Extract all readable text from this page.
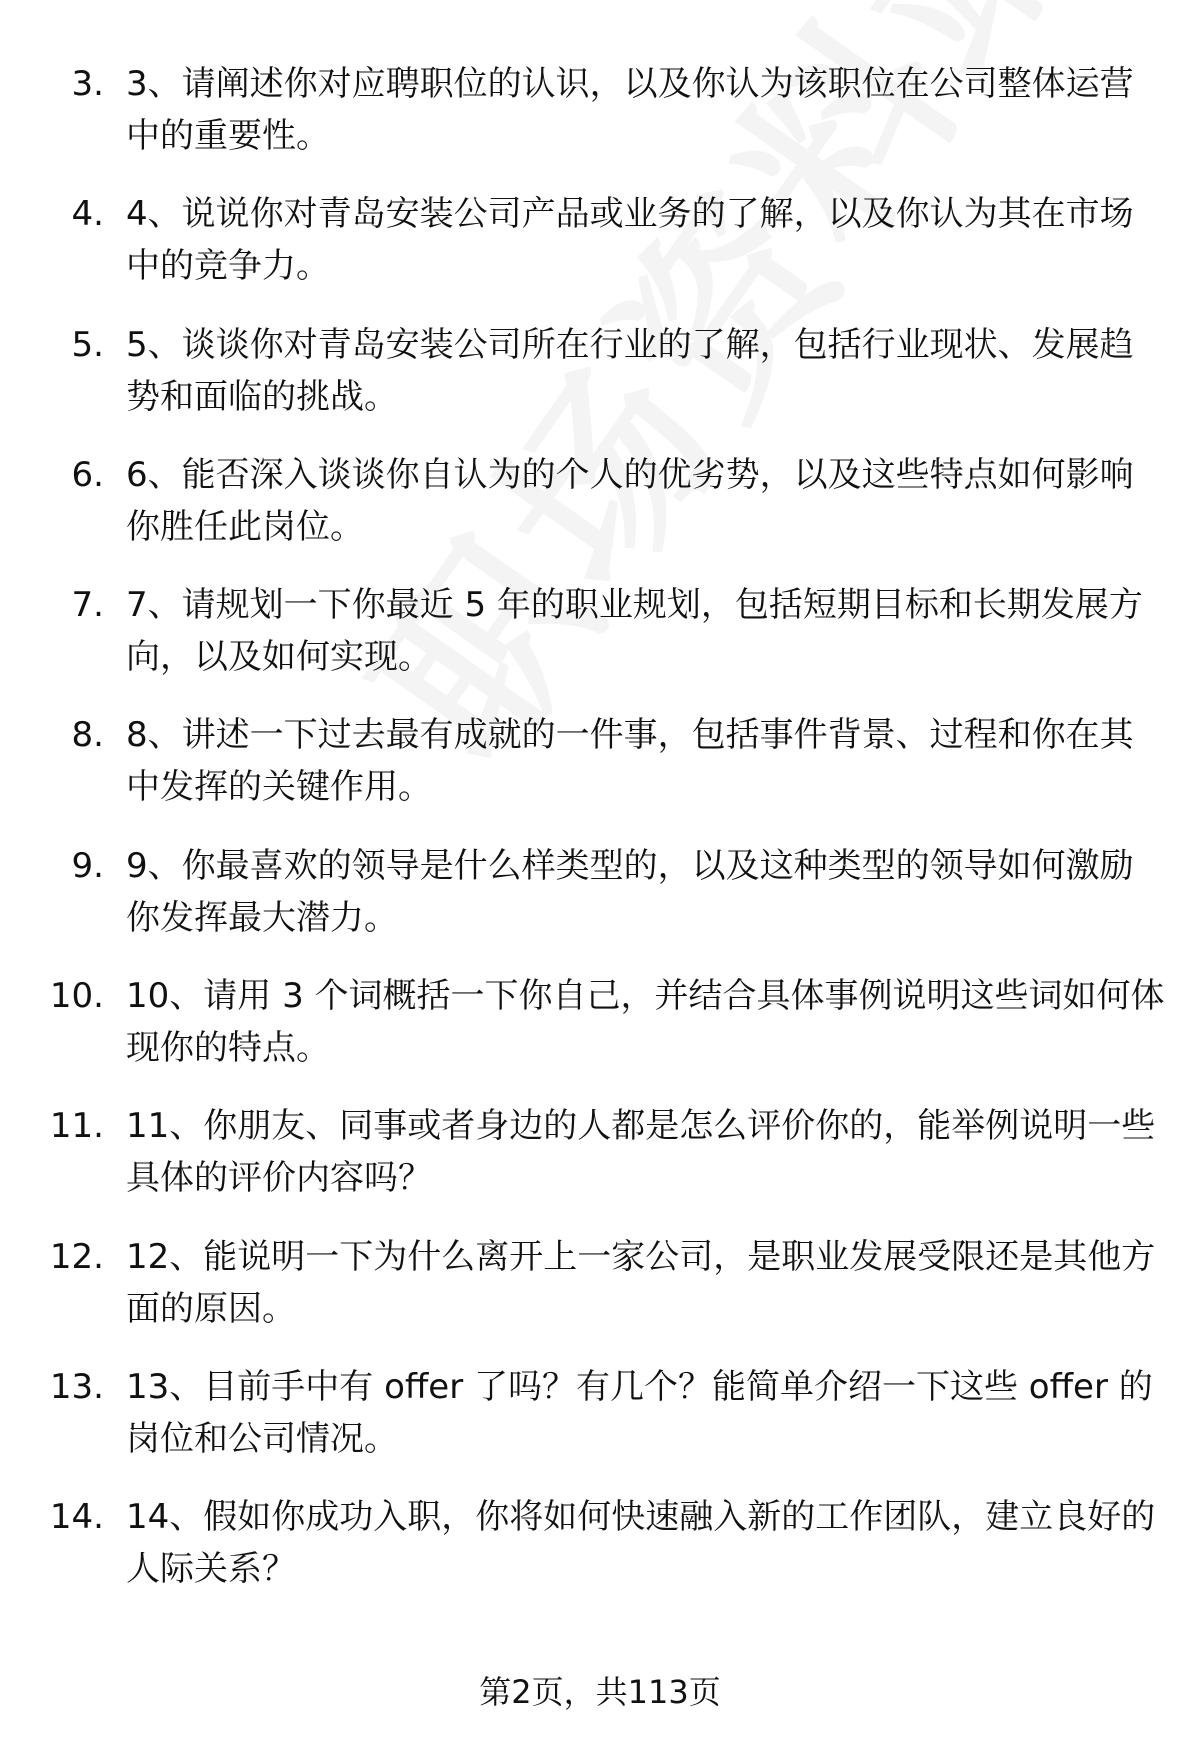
3. 3、请阐述你对应聘职位的认识，以及你认为该职位在公司整体运营中的重要性。
4. 4、说说你对青岛安装公司产品或业务的了解，以及你认为其在市场中的竞争力。
5. 5、谈谈你对青岛安装公司所在行业的了解，包括行业现状、发展趋势和面临的挑战。
6. 6、能否深入谈谈你自认为的个人的优劣势，以及这些特点如何影响你胜任此岗位。
7. 7、请规划一下你最近 5 年的职业规划，包括短期目标和长期发展方向，以及如何实现。
8. 8、讲述一下过去最有成就的一件事，包括事件背景、过程和你在其中发挥的关键作用。
9. 9、你最喜欢的领导是什么样类型的，以及这种类型的领导如何激励你发挥最大潜力。
10. 10、请用 3 个词概括一下你自己，并结合具体事例说明这些词如何体现你的特点。
11. 11、你朋友、同事或者身边的人都是怎么评价你的，能举例说明一些具体的评价内容吗？
12. 12、能说明一下为什么离开上一家公司，是职业发展受限还是其他方面的原因。
13. 13、目前手中有 offer 了吗？有几个？能简单介绍一下这些 offer 的岗位和公司情况。
14. 14、假如你成功入职，你将如何快速融入新的工作团队，建立良好的人际关系？
第2页，共113页
